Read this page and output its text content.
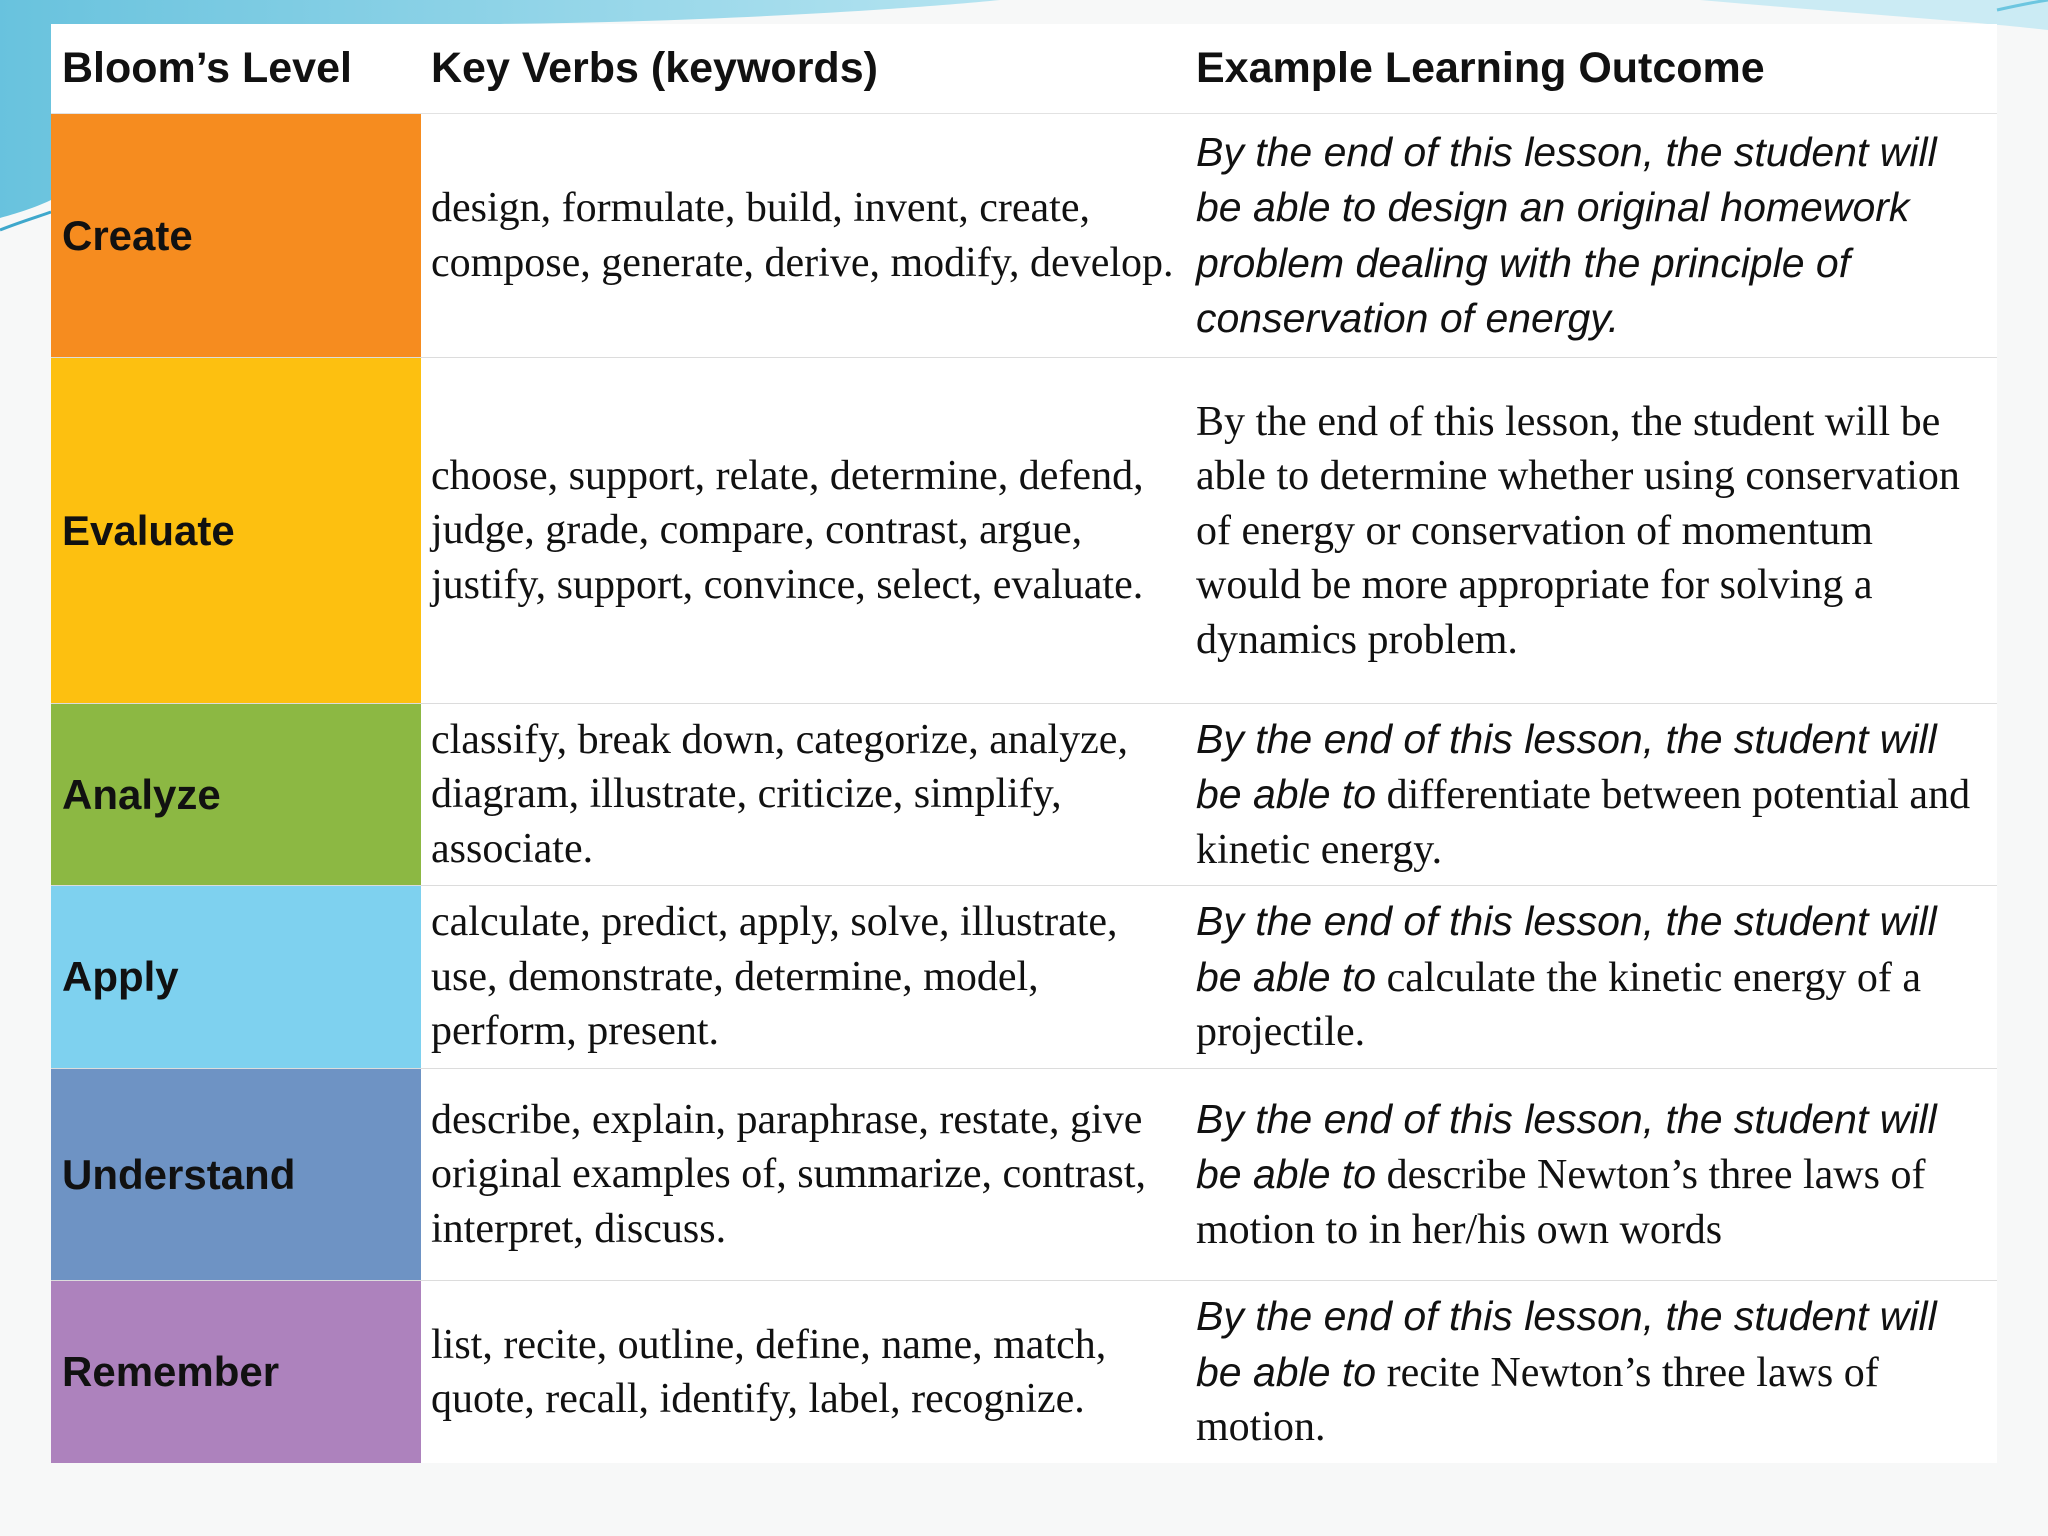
Bloom’s Level	Key Verbs (keywords)	Example Learning Outcome
Create
design, formulate, build, invent, create, compose, generate, derive, modify, develop.
By the end of this lesson, the student will be able to design an original homework problem dealing with the principle of conservation of energy.
Evaluate
choose, support, relate, determine, defend, judge, grade, compare, contrast, argue, justify, support, convince, select, evaluate.
By the end of this lesson, the student will be able to determine whether using conservation of energy or conservation of momentum would be more appropriate for solving a dynamics problem.
Analyze
classify, break down, categorize, analyze, diagram, illustrate, criticize, simplify, associate.
By the end of this lesson, the student will be able to differentiate between potential and kinetic energy.
Apply
calculate, predict, apply, solve, illustrate, use, demonstrate, determine, model, perform, present.
By the end of this lesson, the student will be able to calculate the kinetic energy of a projectile.
Understand
describe, explain, paraphrase, restate, give original examples of, summarize, contrast, interpret, discuss.
By the end of this lesson, the student will be able to describe Newton’s three laws of motion to in her/his own words
Remember
list, recite, outline, define, name, match, quote, recall, identify, label, recognize.
By the end of this lesson, the student will be able to recite Newton’s three laws of motion.
